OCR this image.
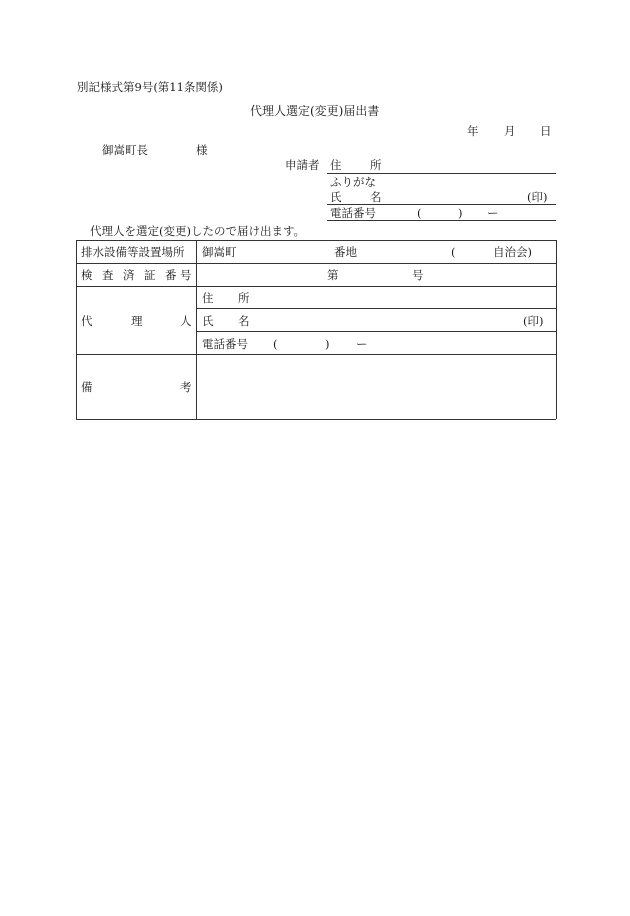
別記様式第9号(第11条関係)
代理人選定(変更)届出書
年 月 日
御嵩町長	様
申請者 住 所
ふりがな
氏 名	(印)
電話番号	(	) ー
代理人を選定(変更)したので届け出ます。
排水設備等設置場所 御嵩町	番地	(	自治会)
検 査 済 証 番 号	第	号
代	理	人
住 所
氏 名	(印)
電話番号 (	) ー
備	考
